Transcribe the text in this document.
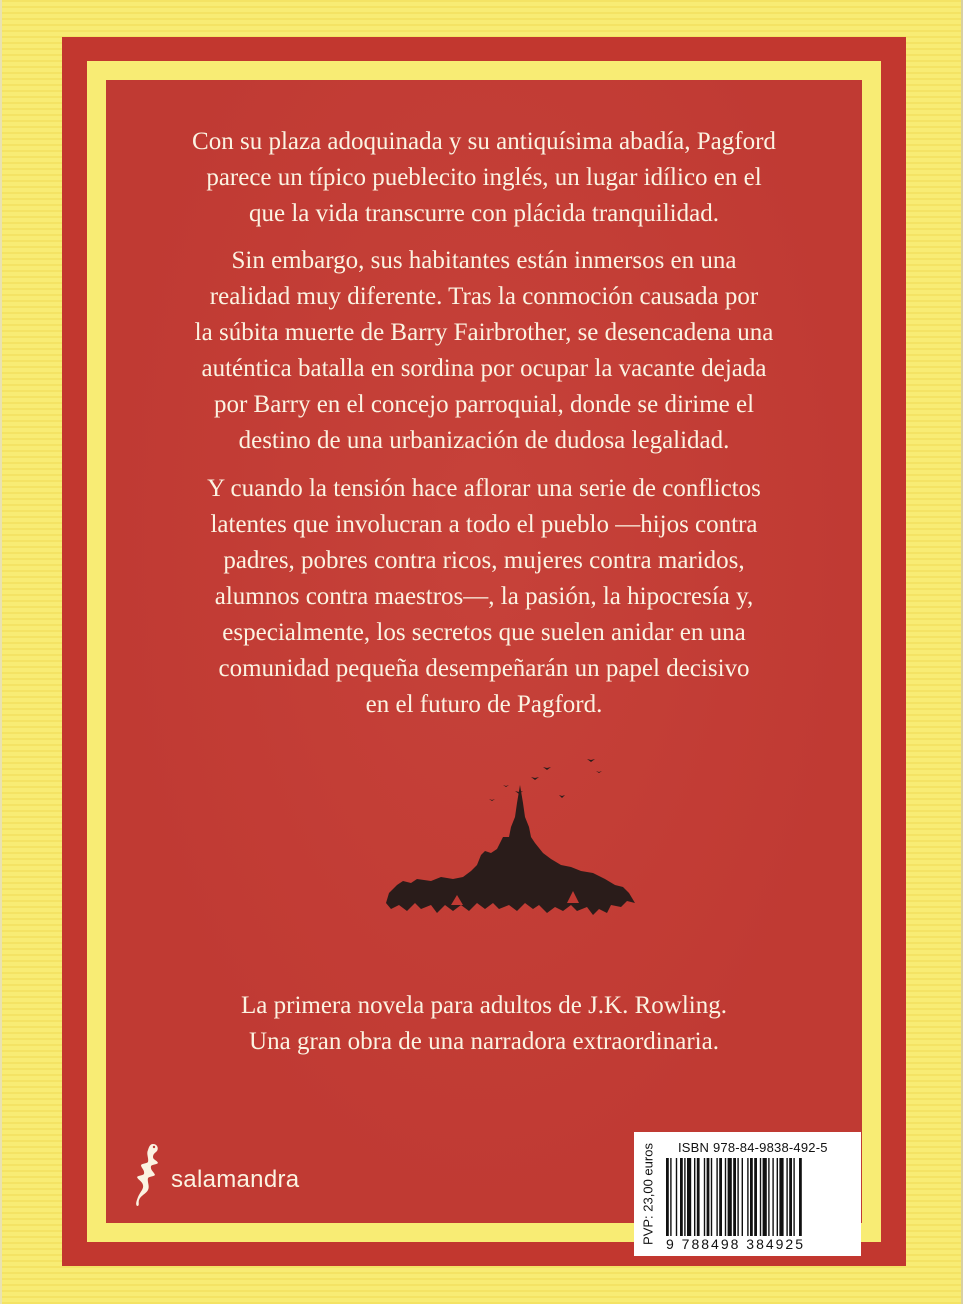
Con su plaza adoquinada y su antiquísima abadía, Pagford
parece un típico pueblecito inglés, un lugar idílico en el
que la vida transcurre con plácida tranquilidad.
Sin embargo, sus habitantes están inmersos en una
realidad muy diferente. Tras la conmoción causada por
la súbita muerte de Barry Fairbrother, se desencadena una
auténtica batalla en sordina por ocupar la vacante dejada
por Barry en el concejo parroquial, donde se dirime el
destino de una urbanización de dudosa legalidad.
Y cuando la tensión hace aflorar una serie de conflictos
latentes que involucran a todo el pueblo —hijos contra
padres, pobres contra ricos, mujeres contra maridos,
alumnos contra maestros—, la pasión, la hipocresía y,
especialmente, los secretos que suelen anidar en una
comunidad pequeña desempeñarán un papel decisivo
en el futuro de Pagford.
La primera novela para adultos de J.K. Rowling.
Una gran obra de una narradora extraordinaria.
salamandra	PVP: 23,00 euros ISBN 978-84-9838-492-5
9 788498 384925
